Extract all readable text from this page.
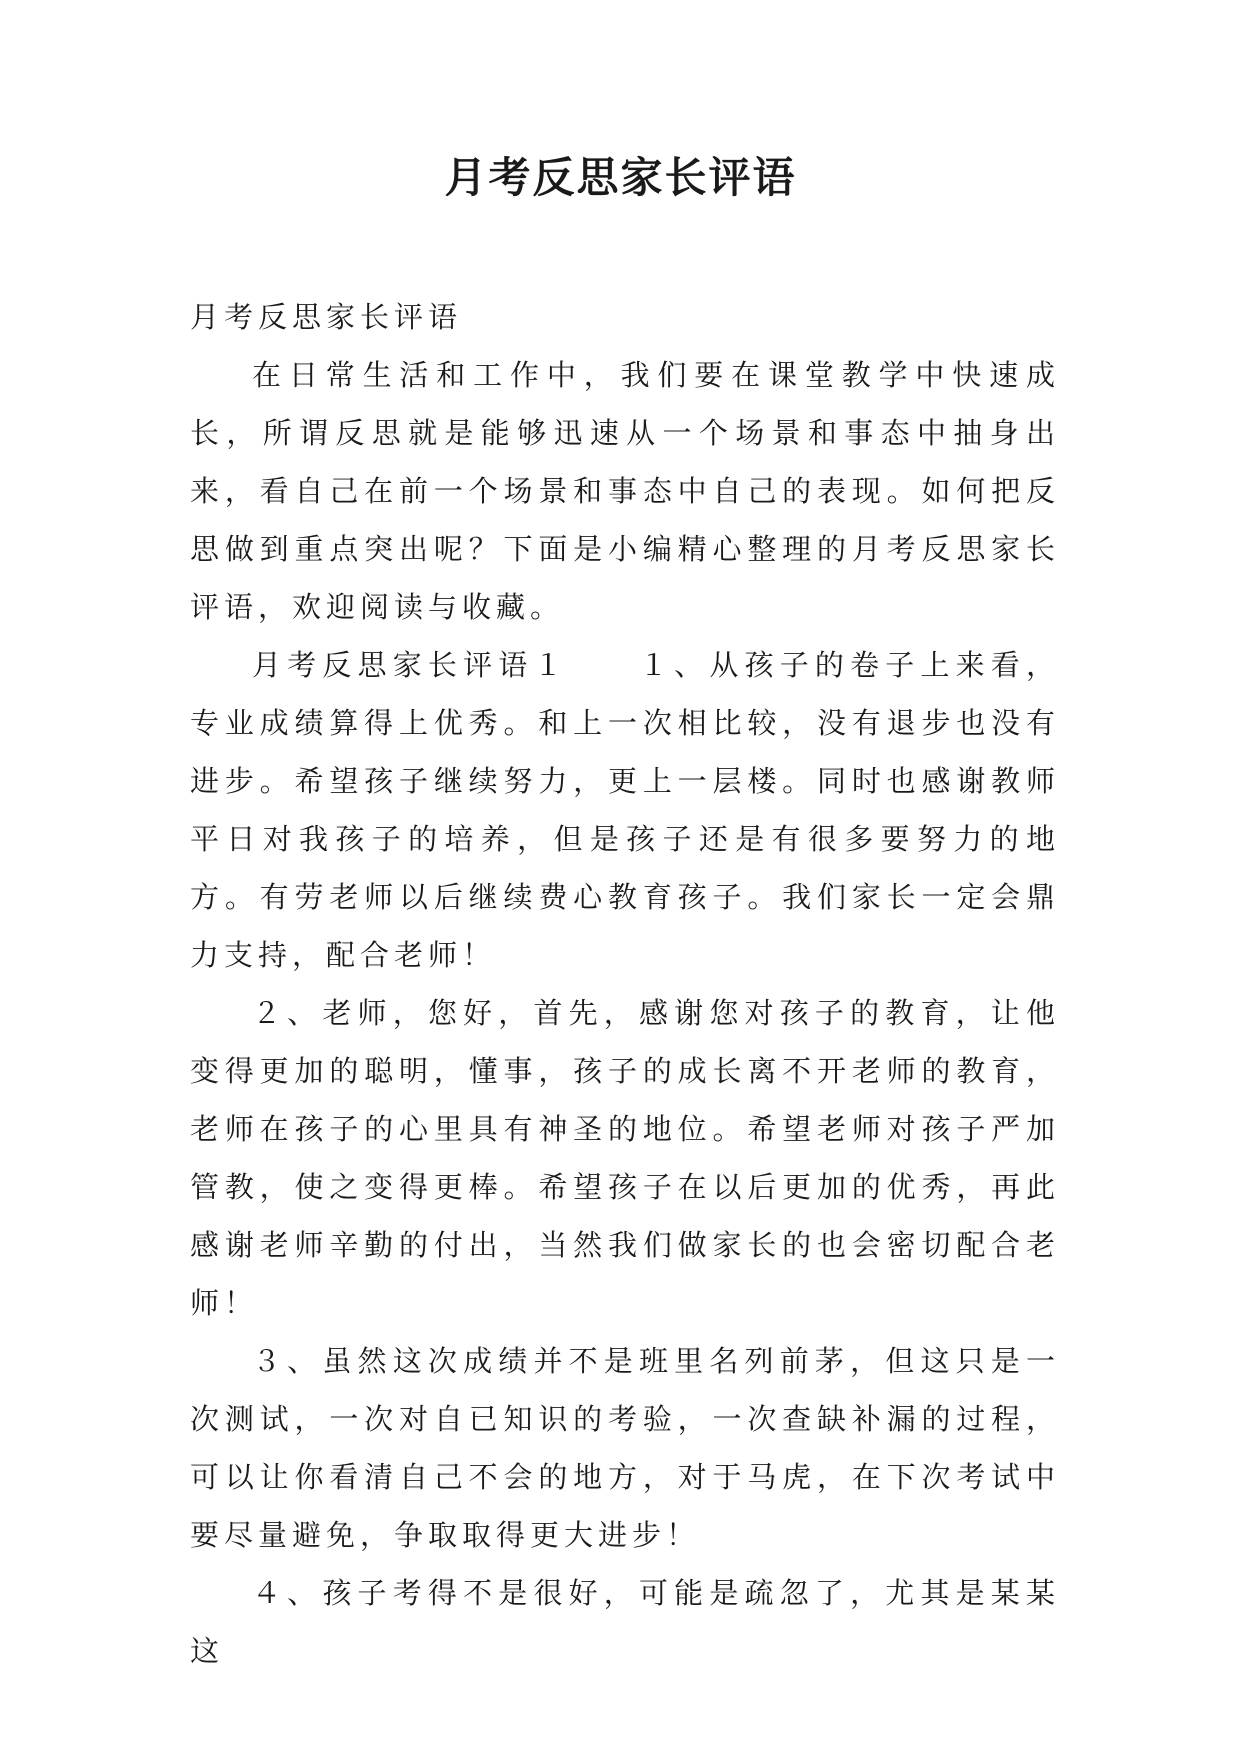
月考反思家长评语

月考反思家长评语

在日常生活和工作中，我们要在课堂教学中快速成长，所谓反思就是能够迅速从一个场景和事态中抽身出来，看自己在前一个场景和事态中自己的表现。如何把反思做到重点突出呢？下面是小编精心整理的月考反思家长评语，欢迎阅读与收藏。

月考反思家长评语１　　１、从孩子的卷子上来看，专业成绩算得上优秀。和上一次相比较，没有退步也没有进步。希望孩子继续努力，更上一层楼。同时也感谢教师平日对我孩子的培养，但是孩子还是有很多要努力的地方。有劳老师以后继续费心教育孩子。我们家长一定会鼎力支持，配合老师！

２、老师，您好，首先，感谢您对孩子的教育，让他变得更加的聪明，懂事，孩子的成长离不开老师的教育，老师在孩子的心里具有神圣的地位。希望老师对孩子严加管教，使之变得更棒。希望孩子在以后更加的优秀，再此感谢老师辛勤的付出，当然我们做家长的也会密切配合老师！

３、虽然这次成绩并不是班里名列前茅，但这只是一次测试，一次对自已知识的考验，一次查缺补漏的过程，可以让你看清自己不会的地方，对于马虎，在下次考试中要尽量避免，争取取得更大进步！

４、孩子考得不是很好，可能是疏忽了，尤其是某某这
